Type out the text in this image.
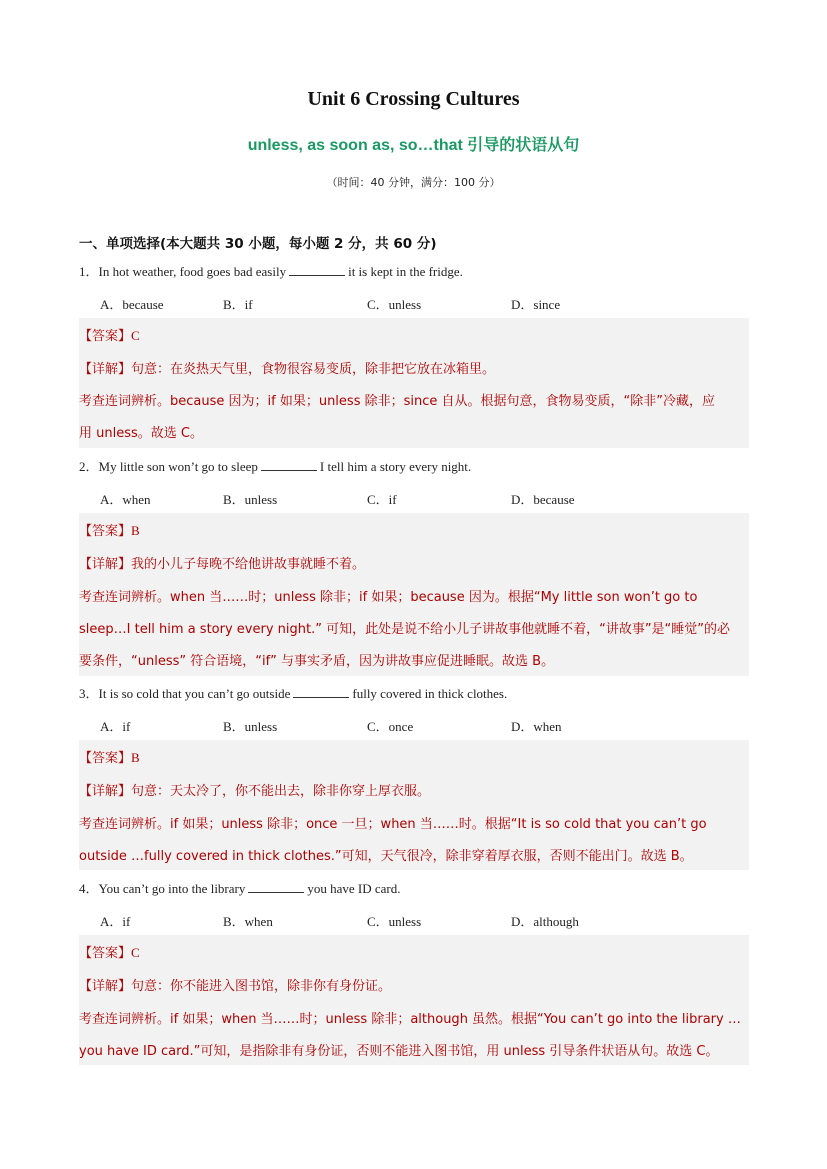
Unit 6 Crossing Cultures
unless, as soon as, so…that 引导的状语从句
（时间：40 分钟，满分：100 分）
一、单项选择(本大题共 30 小题，每小题 2 分，共 60 分)
1．In hot weather, food goes bad easily	it is kept in the fridge.
A．because	B．if	C．unless	D．since
【答案】C
【详解】句意：在炎热天气里，食物很容易变质，除非把它放在冰箱里。
考查连词辨析。because 因为；if 如果；unless 除非；since 自从。根据句意，食物易变质，“除非”冷藏，应
用 unless。故选 C。
2．My little son won’t go to sleep	I tell him a story every night.
A．when	B．unless	C．if	D．because
【答案】B
【详解】我的小儿子每晚不给他讲故事就睡不着。
考查连词辨析。when 当……时；unless 除非；if 如果；because 因为。根据“My little son won’t go to
sleep…I tell him a story every night.” 可知，此处是说不给小儿子讲故事他就睡不着，“讲故事”是“睡觉”的必
要条件，“unless” 符合语境，“if” 与事实矛盾，因为讲故事应促进睡眠。故选 B。
3．It is so cold that you can’t go outside	fully covered in thick clothes.
A．if	B．unless	C．once	D．when
【答案】B
【详解】句意：天太冷了，你不能出去，除非你穿上厚衣服。
考查连词辨析。if 如果；unless 除非；once 一旦；when 当……时。根据“It is so cold that you can’t go
outside …fully covered in thick clothes.”可知，天气很冷，除非穿着厚衣服，否则不能出门。故选 B。
4．You can’t go into the library	you have ID card.
A．if	B．when	C．unless	D．although
【答案】C
【详解】句意：你不能进入图书馆，除非你有身份证。
考查连词辨析。if 如果；when 当……时；unless 除非；although 虽然。根据“You can’t go into the library …
you have ID card.”可知，是指除非有身份证，否则不能进入图书馆，用 unless 引导条件状语从句。故选 C。
